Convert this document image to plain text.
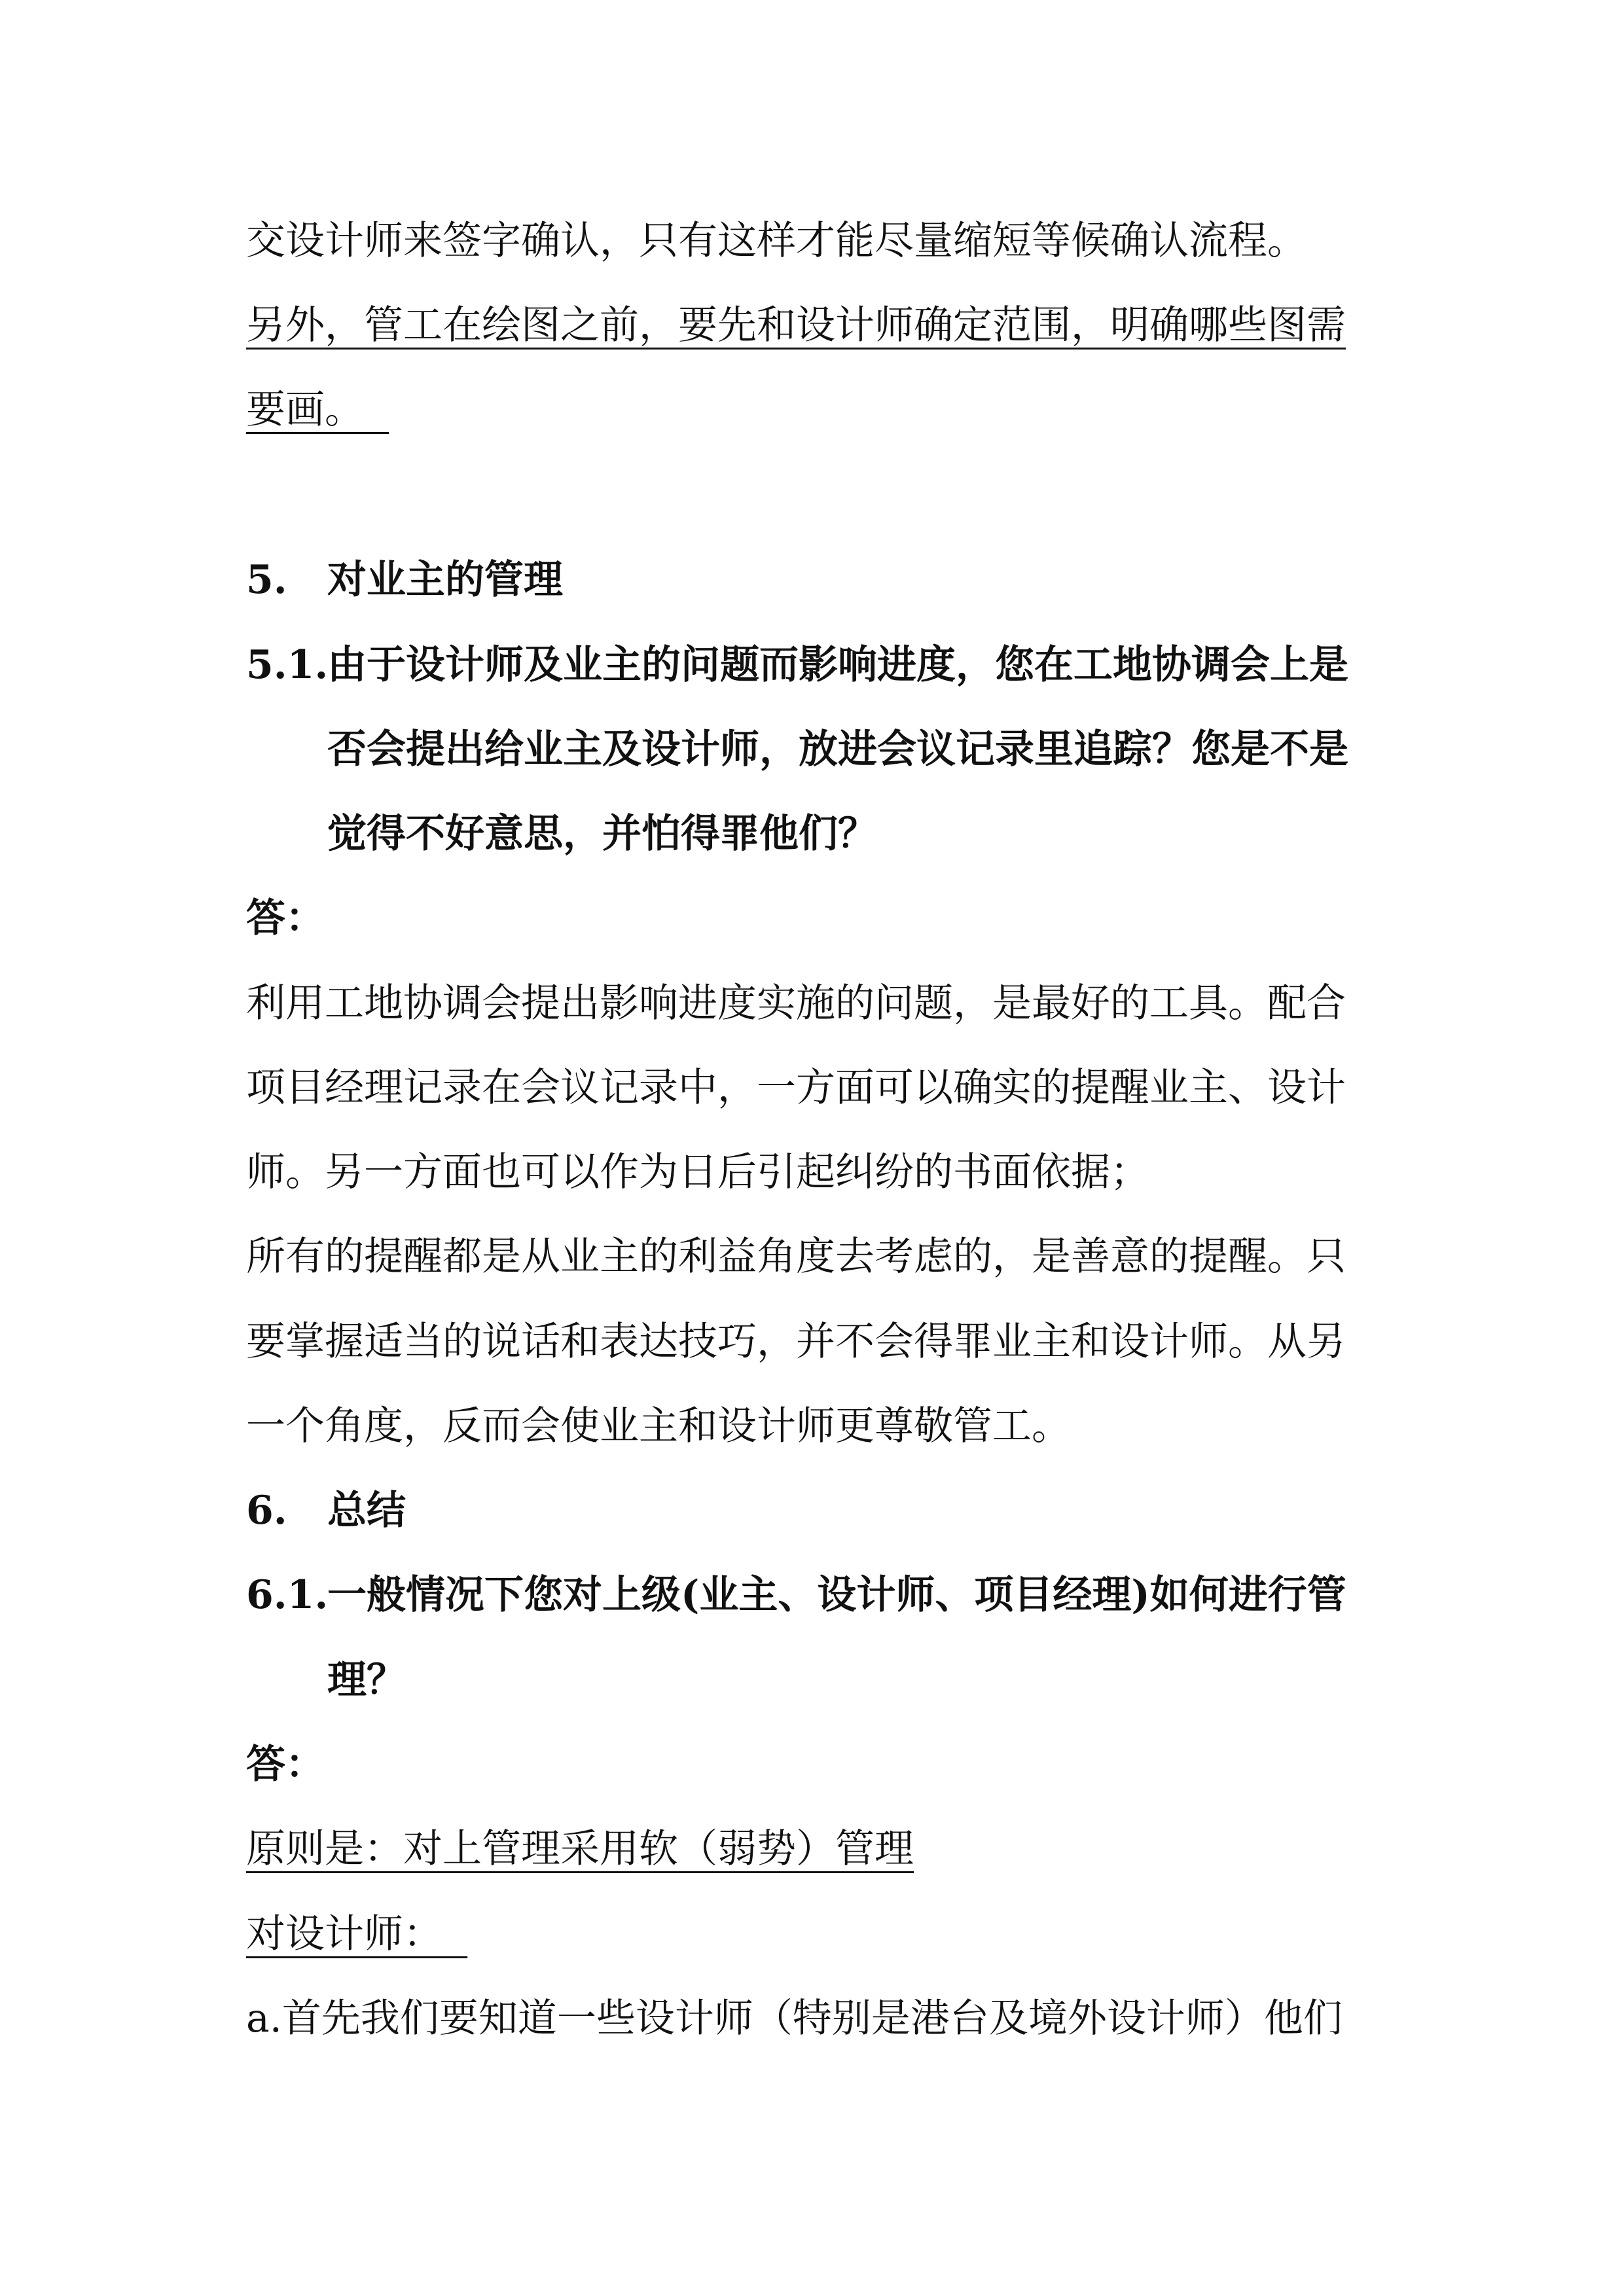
交设计师来签字确认，只有这样才能尽量缩短等候确认流程。

另外，管工在绘图之前，要先和设计师确定范围，明确哪些图需

要画。

5. 对业主的管理

5.1.由于设计师及业主的问题而影响进度，您在工地协调会上是

否会提出给业主及设计师，放进会议记录里追踪？您是不是

觉得不好意思，并怕得罪他们？

答：

利用工地协调会提出影响进度实施的问题，是最好的工具。配合

项目经理记录在会议记录中，一方面可以确实的提醒业主、设计

师。另一方面也可以作为日后引起纠纷的书面依据；

所有的提醒都是从业主的利益角度去考虑的，是善意的提醒。只

要掌握适当的说话和表达技巧，并不会得罪业主和设计师。从另

一个角度，反而会使业主和设计师更尊敬管工。

6. 总结

6.1.一般情况下您对上级(业主、设计师、项目经理)如何进行管

理？

答：

原则是：对上管理采用软（弱势）管理

对设计师：

a.首先我们要知道一些设计师（特别是港台及境外设计师）他们
